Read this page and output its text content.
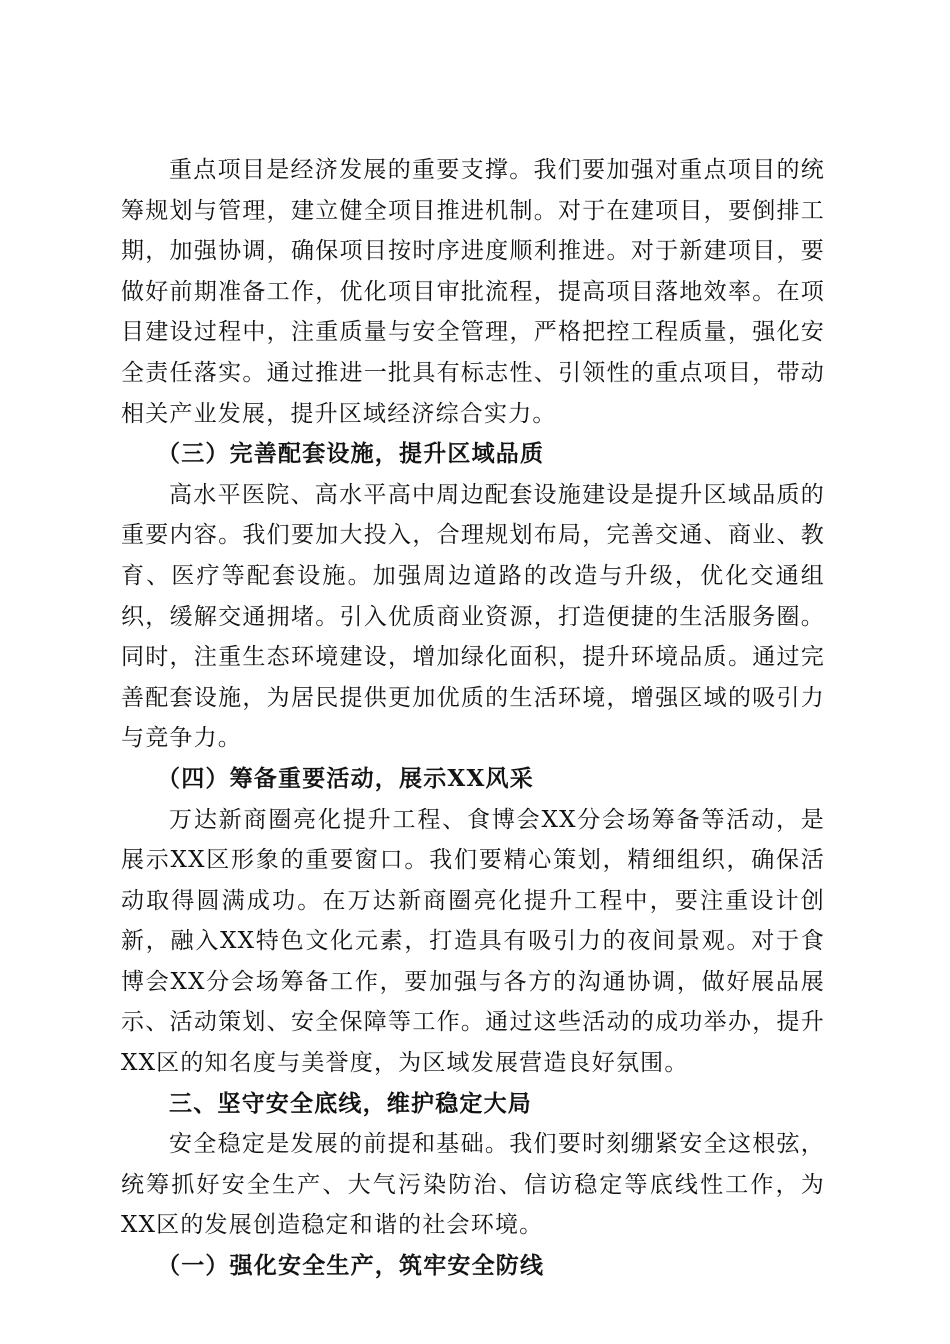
重点项目是经济发展的重要支撑。我们要加强对重点项目的统筹规划与管理，建立健全项目推进机制。对于在建项目，要倒排工期，加强协调，确保项目按时序进度顺利推进。对于新建项目，要做好前期准备工作，优化项目审批流程，提高项目落地效率。在项目建设过程中，注重质量与安全管理，严格把控工程质量，强化安全责任落实。通过推进一批具有标志性、引领性的重点项目，带动相关产业发展，提升区域经济综合实力。

（三）完善配套设施，提升区域品质

高水平医院、高水平高中周边配套设施建设是提升区域品质的重要内容。我们要加大投入，合理规划布局，完善交通、商业、教育、医疗等配套设施。加强周边道路的改造与升级，优化交通组织，缓解交通拥堵。引入优质商业资源，打造便捷的生活服务圈。同时，注重生态环境建设，增加绿化面积，提升环境品质。通过完善配套设施，为居民提供更加优质的生活环境，增强区域的吸引力与竞争力。

（四）筹备重要活动，展示XX风采

万达新商圈亮化提升工程、食博会XX分会场筹备等活动，是展示XX区形象的重要窗口。我们要精心策划，精细组织，确保活动取得圆满成功。在万达新商圈亮化提升工程中，要注重设计创新，融入XX特色文化元素，打造具有吸引力的夜间景观。对于食博会XX分会场筹备工作，要加强与各方的沟通协调，做好展品展示、活动策划、安全保障等工作。通过这些活动的成功举办，提升XX区的知名度与美誉度，为区域发展营造良好氛围。

三、坚守安全底线，维护稳定大局

安全稳定是发展的前提和基础。我们要时刻绷紧安全这根弦，统筹抓好安全生产、大气污染防治、信访稳定等底线性工作，为XX区的发展创造稳定和谐的社会环境。

（一）强化安全生产，筑牢安全防线
